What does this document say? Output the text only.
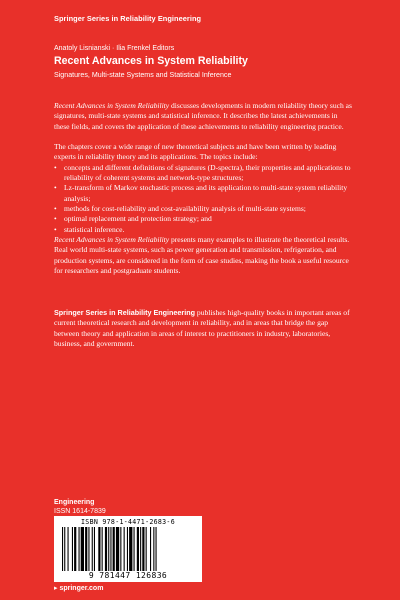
Springer Series in Reliability Engineering
Anatoly Lisnianski · Ilia Frenkel Editors
Recent Advances in System Reliability
Signatures, Multi-state Systems and Statistical Inference

Recent Advances in System Reliability discusses developments in modern reliability theory such as signatures, multi-state systems and statistical inference. It describes the latest achievements in these fields, and covers the application of these achievements to reliability engineering practice.

The chapters cover a wide range of new theoretical subjects and have been written by leading experts in reliability theory and its applications. The topics include:

• concepts and different definitions of signatures (D-spectra), their properties and applications to reliability of coherent systems and network-type structures;
• Lz-transform of Markov stochastic process and its application to multi-state system reliability analysis;
• methods for cost-reliability and cost-availability analysis of multi-state systems;
• optimal replacement and protection strategy; and
• statistical inference.

Recent Advances in System Reliability presents many examples to illustrate the theoretical results. Real world multi-state systems, such as power generation and transmission, refrigeration, and production systems, are considered in the form of case studies, making the book a useful resource for researchers and postgraduate students.

Springer Series in Reliability Engineering publishes high-quality books in important areas of current theoretical research and development in reliability, and in areas that bridge the gap between theory and application in areas of interest to practitioners in industry, laboratories, business, and government.
Engineering
ISSN 1614-7839
ISBN 978-1-4471-2683-6
9 781447 126836
▸ springer.com
